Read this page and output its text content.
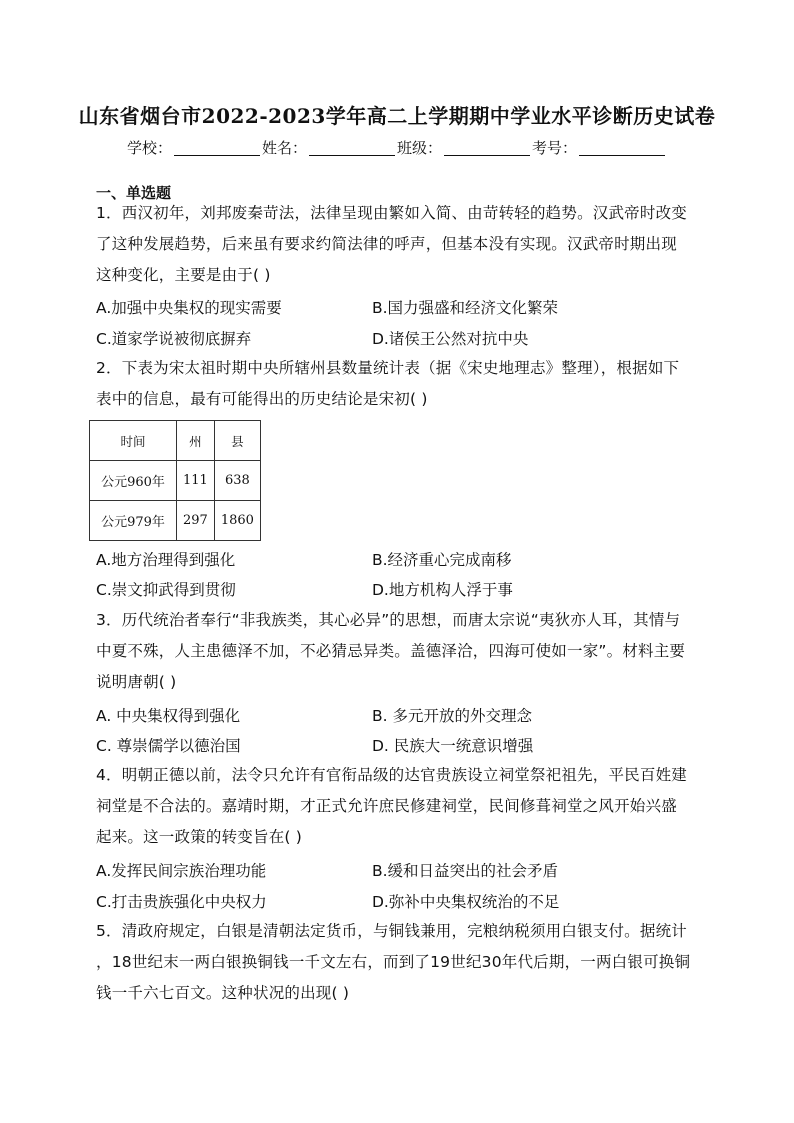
山东省烟台市2022-2023学年高二上学期期中学业水平诊断历史试卷
学校：	姓名：	班级：	考号：
一、单选题
1．西汉初年，刘邦废秦苛法，法律呈现由繁如入简、由苛转轻的趋势。汉武帝时改变
了这种发展趋势，后来虽有要求约简法律的呼声，但基本没有实现。汉武帝时期出现
这种变化，主要是由于( )
A.加强中央集权的现实需要	B.国力强盛和经济文化繁荣
C.道家学说被彻底摒弃	D.诸侯王公然对抗中央
2．下表为宋太祖时期中央所辖州县数量统计表（据《宋史地理志》整理），根据如下
表中的信息，最有可能得出的历史结论是宋初( )
时间	州	县
公元960年	111	638
公元979年	297	1860
A.地方治理得到强化	B.经济重心完成南移
C.崇文抑武得到贯彻	D.地方机构人浮于事
3．历代统治者奉行“非我族类，其心必异”的思想，而唐太宗说“夷狄亦人耳，其情与
中夏不殊，人主患德泽不加，不必猜忌异类。盖德泽洽，四海可使如一家”。材料主要
说明唐朝( )
A. 中央集权得到强化	B. 多元开放的外交理念
C. 尊崇儒学以德治国	D. 民族大一统意识增强
4．明朝正德以前，法令只允许有官衔品级的达官贵族设立祠堂祭祀祖先，平民百姓建
祠堂是不合法的。嘉靖时期，才正式允许庶民修建祠堂，民间修葺祠堂之风开始兴盛
起来。这一政策的转变旨在( )
A.发挥民间宗族治理功能	B.缓和日益突出的社会矛盾
C.打击贵族强化中央权力	D.弥补中央集权统治的不足
5．清政府规定，白银是清朝法定货币，与铜钱兼用，完粮纳税须用白银支付。据统计
，18世纪末一两白银换铜钱一千文左右，而到了19世纪30年代后期，一两白银可换铜
钱一千六七百文。这种状况的出现( )
